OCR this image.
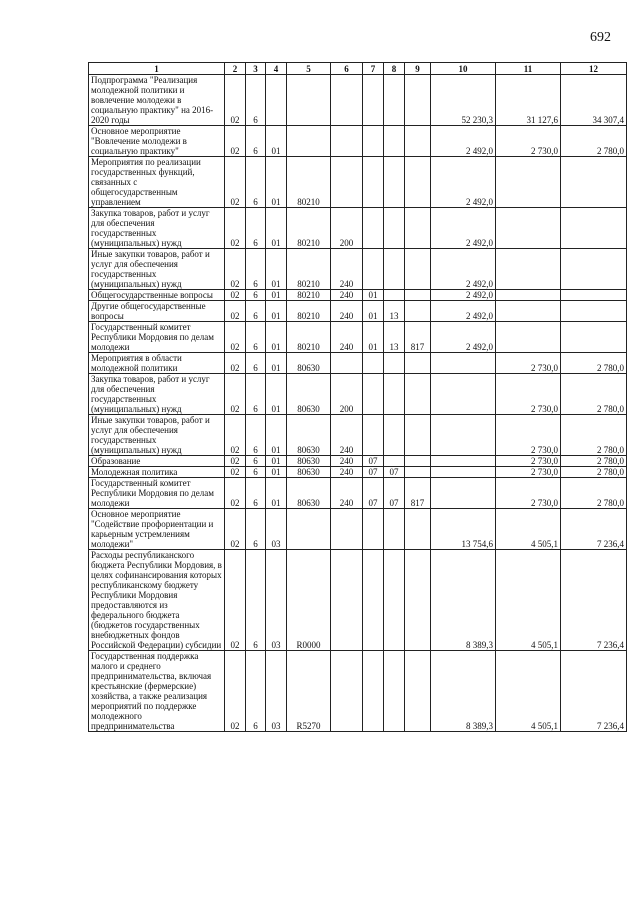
692
1	2	3	4	5	6	7	8	9	10	11	12
Подпрограмма "Реализация молодежной политики и вовлечение молодежи в социальную практику" на 2016-2020 годы	02	6							52 230,3	31 127,6	34 307,4
Основное мероприятие "Вовлечение молодежи в социальную практику"	02	6	01						2 492,0	2 730,0	2 780,0
Мероприятия по реализации государственных функций, связанных с общегосударственным управлением	02	6	01	80210					2 492,0		
Закупка товаров, работ и услуг для обеспечения государственных (муниципальных) нужд	02	6	01	80210	200				2 492,0		
Иные закупки товаров, работ и услуг для обеспечения государственных (муниципальных) нужд	02	6	01	80210	240				2 492,0		
Общегосударственные вопросы	02	6	01	80210	240	01			2 492,0		
Другие общегосударственные вопросы	02	6	01	80210	240	01	13		2 492,0		
Государственный комитет Республики Мордовия по делам молодежи	02	6	01	80210	240	01	13	817	2 492,0		
Мероприятия в области молодежной политики	02	6	01	80630						2 730,0	2 780,0
Закупка товаров, работ и услуг для обеспечения государственных (муниципальных) нужд	02	6	01	80630	200					2 730,0	2 780,0
Иные закупки товаров, работ и услуг для обеспечения государственных (муниципальных) нужд	02	6	01	80630	240					2 730,0	2 780,0
Образование	02	6	01	80630	240	07				2 730,0	2 780,0
Молодежная политика	02	6	01	80630	240	07	07			2 730,0	2 780,0
Государственный комитет Республики Мордовия по делам молодежи	02	6	01	80630	240	07	07	817		2 730,0	2 780,0
Основное мероприятие "Содействие профориентации и карьерным устремлениям молодежи"	02	6	03						13 754,6	4 505,1	7 236,4
Расходы республиканского бюджета Республики Мордовия, в целях софинансирования которых республиканскому бюджету Республики Мордовия предоставляются из федерального бюджета (бюджетов государственных внебюджетных фондов Российской Федерации) субсидии	02	6	03	R0000					8 389,3	4 505,1	7 236,4
Государственная поддержка малого и среднего предпринимательства, включая крестьянские (фермерские) хозяйства, а также реализация мероприятий по поддержке молодежного предпринимательства	02	6	03	R5270					8 389,3	4 505,1	7 236,4
